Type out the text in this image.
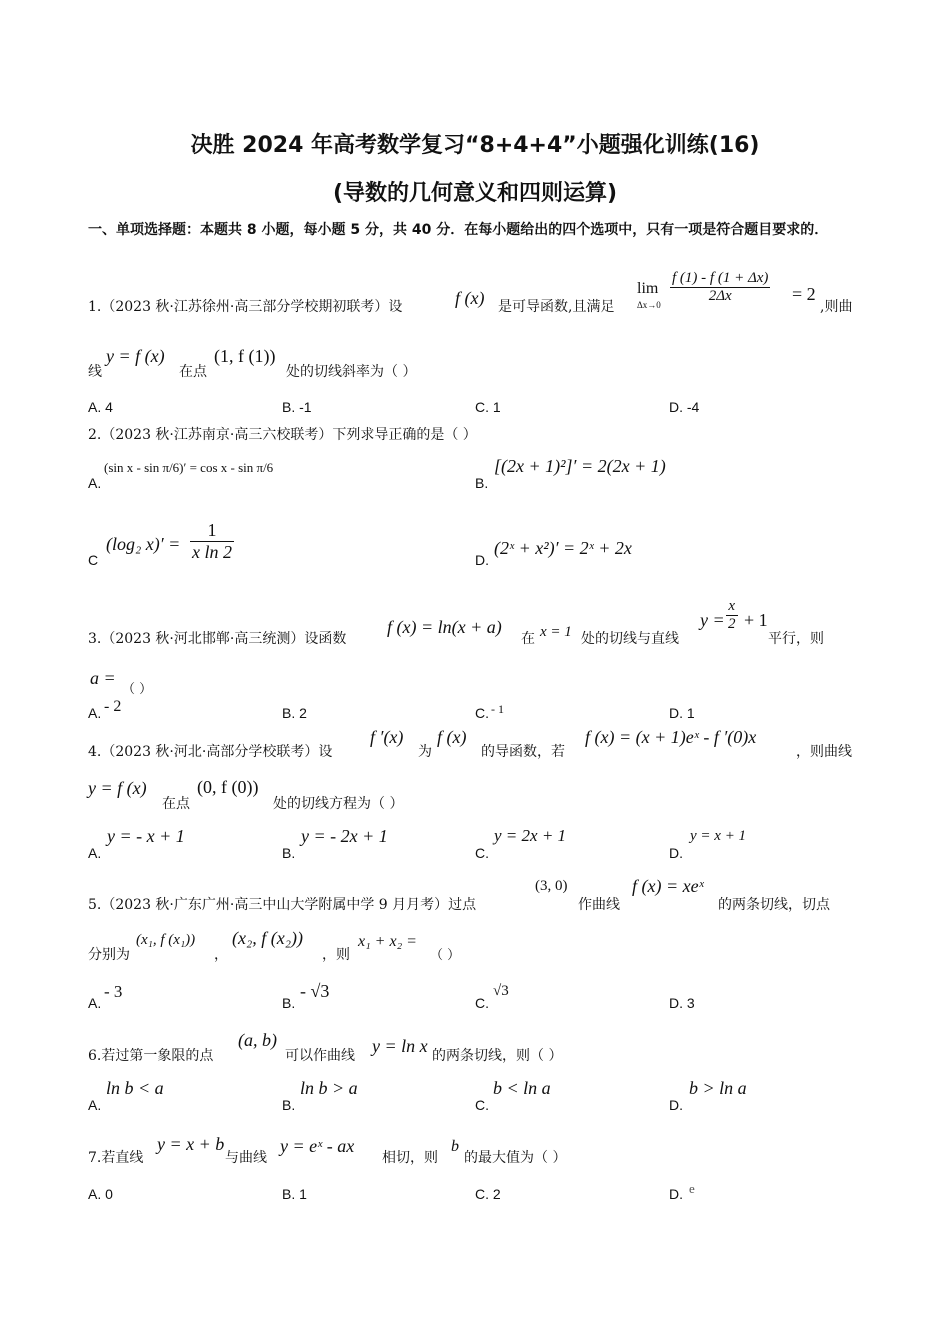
决胜 2024 年高考数学复习“8+4+4”小题强化训练(16)
(导数的几何意义和四则运算)
一、单项选择题：本题共 8 小题，每小题 5 分，共 40 分．在每小题给出的四个选项中，只有一项是符合题目要求的．
1.（2023 秋·江苏徐州·高三部分学校期初联考）设	f (x) 是可导函数,且满足
lim
$\Delta x\to 0 \frac{f (1) - f (1 + \Delta x)}{2\Delta x} = 2$
,则曲
线
y = f (x)
在点
(1, f (1))
处的切线斜率为（ ）
A. 4	B. -1	C. 1	D. -4
2.（2023 秋·江苏南京·高三六校联考）下列求导正确的是（ ）
A.
(sin x - sin π/6)′ = cos x - sin π/6
B.
[(2x + 1)²]′ = 2(2x + 1)
C
(log₂ $x)' = \frac{1}{\text{x ln 2}}$	D.
(2ˣ + x²)′ = 2ˣ + 2x
3.（2023 秋·河北邯郸·高三统测）设函数
f (x) = ln(x + a)
在 x = 1 处的切线与直线
$y = \frac{x}{2} + 1$
平行，则
a =
（ ）
A. - 2	B. 2	C. - 1	D. 1
4.（2023 秋·河北·高部分学校联考）设
f ′(x)
为
f (x)
的导函数，若
f (x) = (x + 1)eˣ - f ′(0)x
，则曲线
y = f (x)
在点
(0, f (0))
处的切线方程为（ ）
A.
y = - x + 1
B.
y = - 2x + 1
C.
y = 2x + 1
D.
y = x + 1
5.（2023 秋·广东广州·高三中山大学附属中学 9 月月考）过点
(3, 0)
作曲线
f (x) = xeˣ
的两条切线，切点
分别为
(x₁, f (x₁))
，
(x₂, f (x₂))
，则
x₁ + x₂ =
（ ）
A.
- 3
B.
- √3
C.
√3
D. 3
6.若过第一象限的点
(a, b)
可以作曲线 y = ln x 的两条切线，则（ ）
A.
ln b < a
B.
ln b > a
C.
b < ln a
D.
b > ln a
7.若直线
y = x + b
与曲线
y = eˣ - ax
相切，则
b
的最大值为（ ）
A. 0	B. 1	C. 2	D. e
